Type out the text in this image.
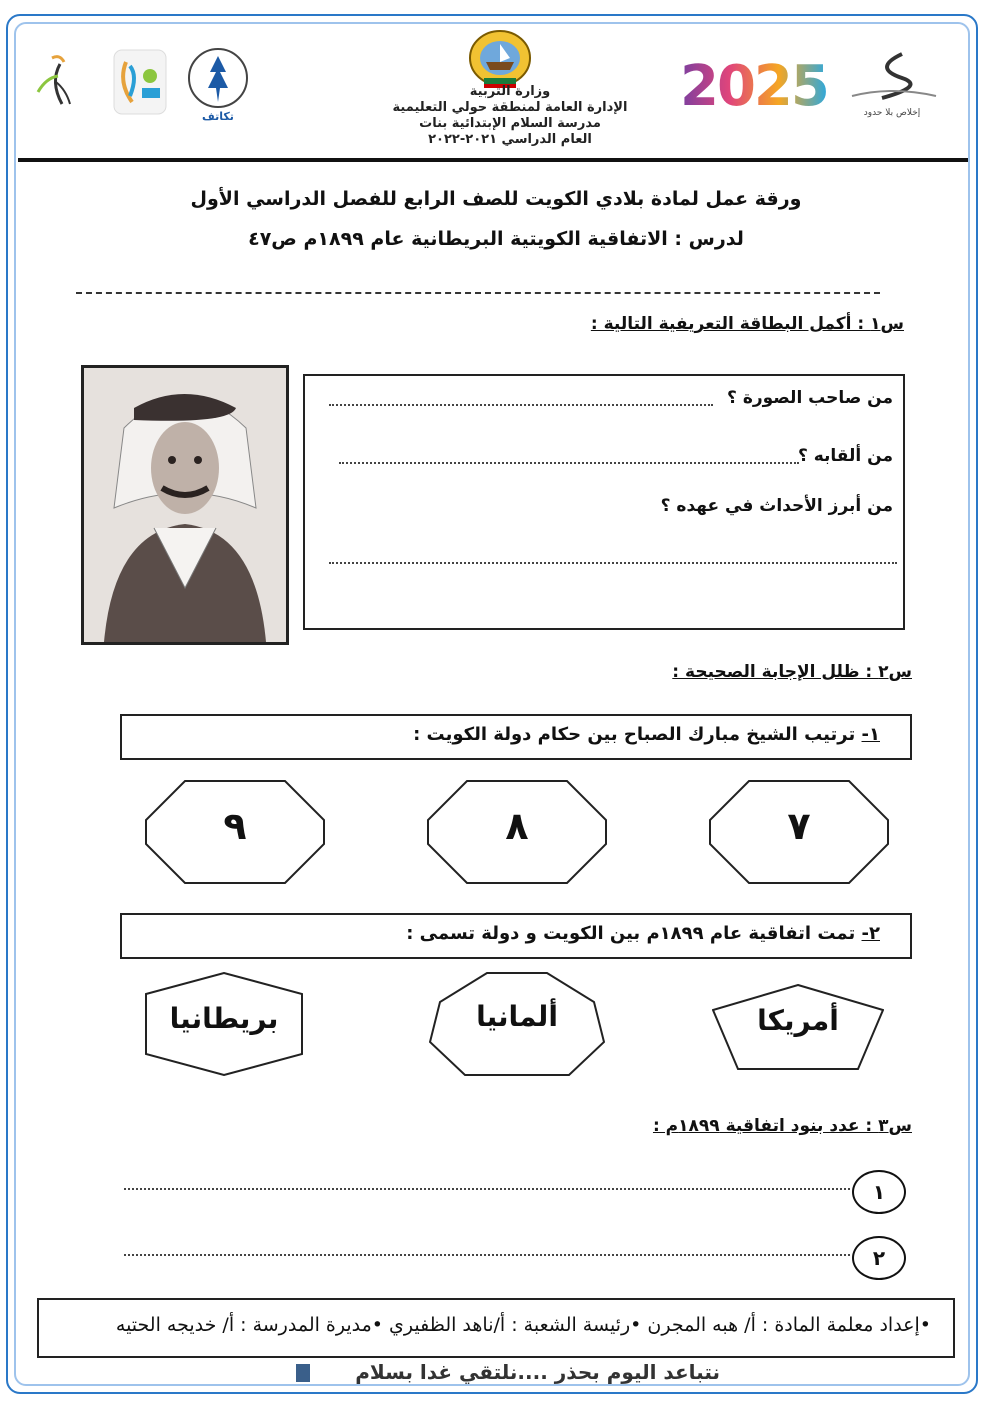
تكاتف
وزارة التربية
الإدارة العامة لمنطقة حولي التعليمية
مدرسة السلام الإبتدائية بنات
العام الدراسي ٢٠٢١-٢٠٢٢
2025	إخلاص بلا حدود
ورقة عمل لمادة بلادي الكويت للصف الرابع للفصل الدراسي الأول
لدرس : الاتفاقية الكويتية البريطانية عام ١٨٩٩م ص٤٧
س١ : أكمل البطاقة التعريفية التالية :
من صاحب الصورة ؟
من ألقابه ؟
من أبرز الأحداث في عهده ؟
س٢ : ظلل الإجابة الصحيحة :
١- ترتيب الشيخ مبارك الصباح بين حكام دولة الكويت :
٩	٨	٧
٢- تمت اتفاقية عام ١٨٩٩م بين الكويت و دولة تسمى :
بريطانيا	ألمانيا	أمريكا
س٣ : عدد بنود اتفاقية ١٨٩٩م :
١
٢
•إعداد معلمة المادة : أ/ هبه المجرن •رئيسة الشعبة : أ/ناهد الظفيري •مديرة المدرسة : أ/ خديجه الحتيه
نتباعد اليوم بحذر ....نلتقي غدا بسلام
